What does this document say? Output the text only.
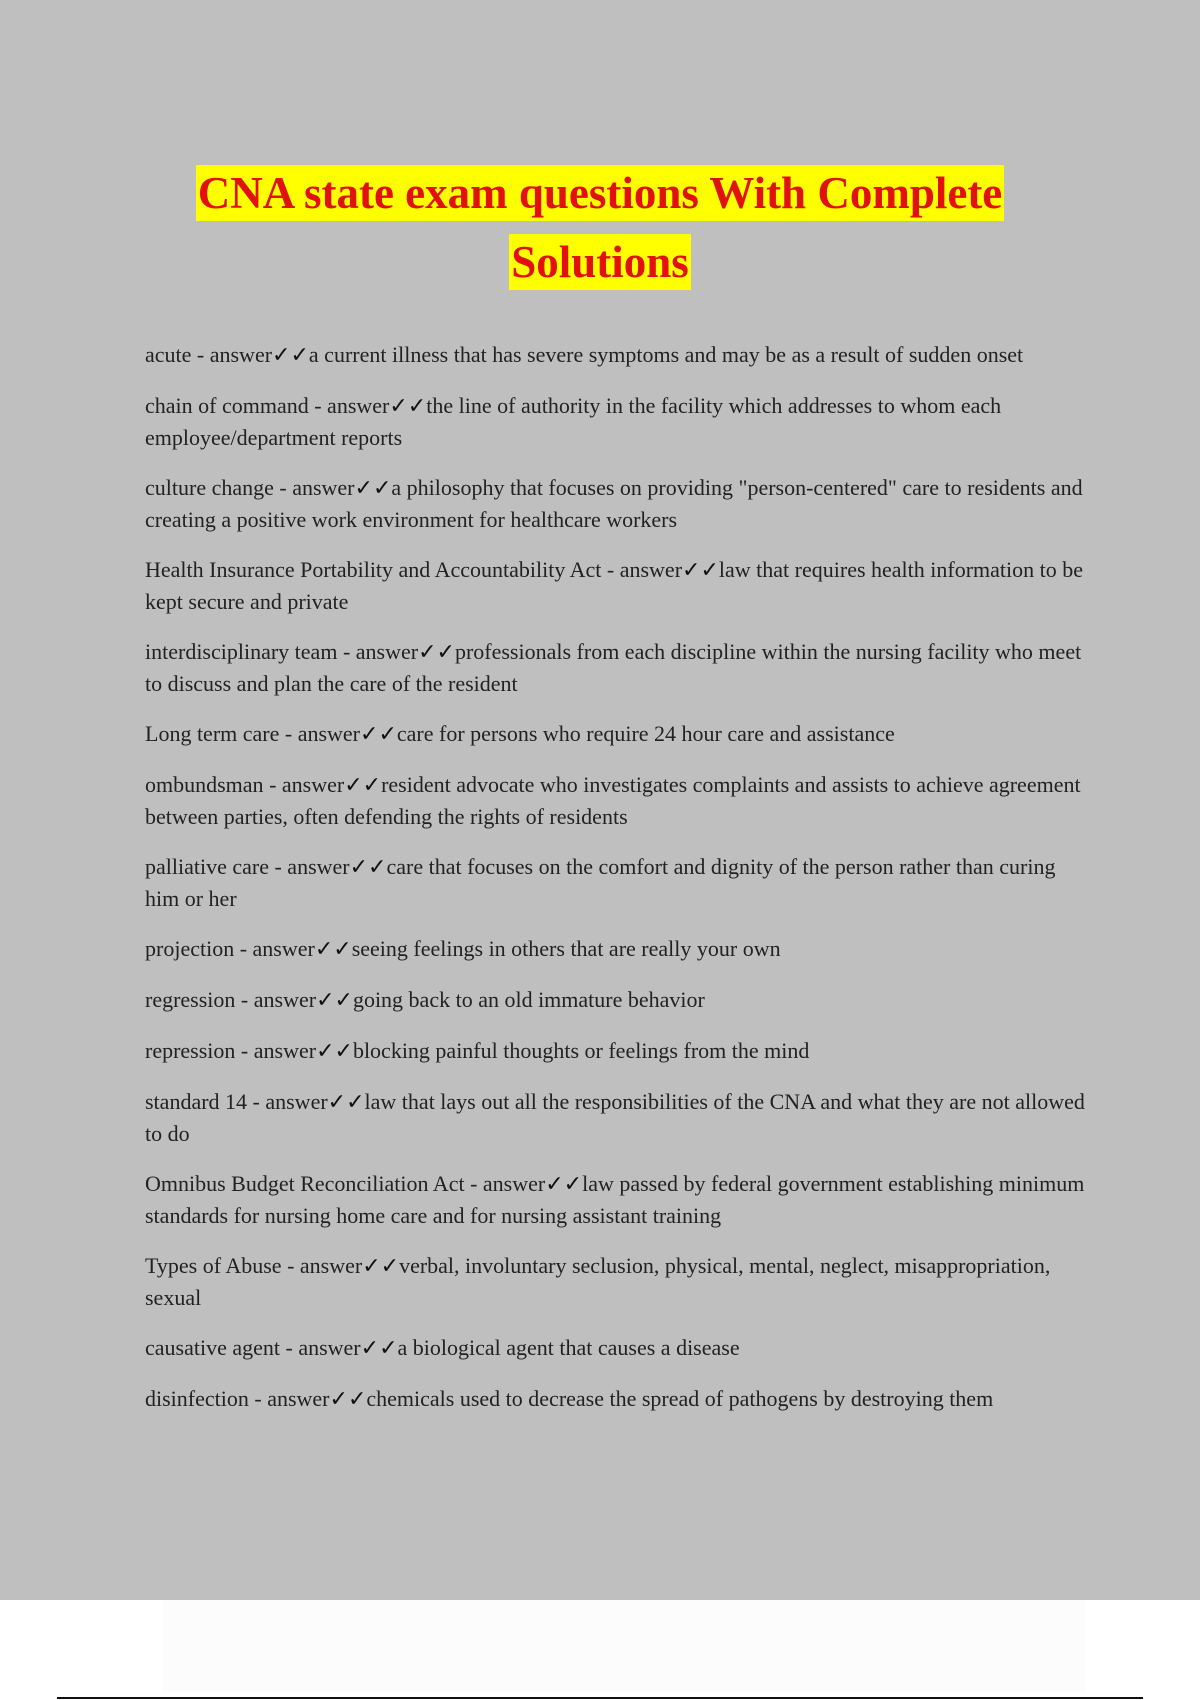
CNA state exam questions With Complete
Solutions

acute - answer✓✓a current illness that has severe symptoms and may be as a result of sudden onset

chain of command - answer✓✓the line of authority in the facility which addresses to whom each employee/department reports

culture change - answer✓✓a philosophy that focuses on providing "person-centered" care to residents and creating a positive work environment for healthcare workers

Health Insurance Portability and Accountability Act - answer✓✓law that requires health information to be kept secure and private

interdisciplinary team - answer✓✓professionals from each discipline within the nursing facility who meet to discuss and plan the care of the resident

Long term care - answer✓✓care for persons who require 24 hour care and assistance

ombundsman - answer✓✓resident advocate who investigates complaints and assists to achieve agreement between parties, often defending the rights of residents

palliative care - answer✓✓care that focuses on the comfort and dignity of the person rather than curing him or her

projection - answer✓✓seeing feelings in others that are really your own

regression - answer✓✓going back to an old immature behavior

repression - answer✓✓blocking painful thoughts or feelings from the mind

standard 14 - answer✓✓law that lays out all the responsibilities of the CNA and what they are not allowed to do

Omnibus Budget Reconciliation Act - answer✓✓law passed by federal government establishing minimum standards for nursing home care and for nursing assistant training

Types of Abuse - answer✓✓verbal, involuntary seclusion, physical, mental, neglect, misappropriation, sexual

causative agent - answer✓✓a biological agent that causes a disease

disinfection - answer✓✓chemicals used to decrease the spread of pathogens by destroying them
